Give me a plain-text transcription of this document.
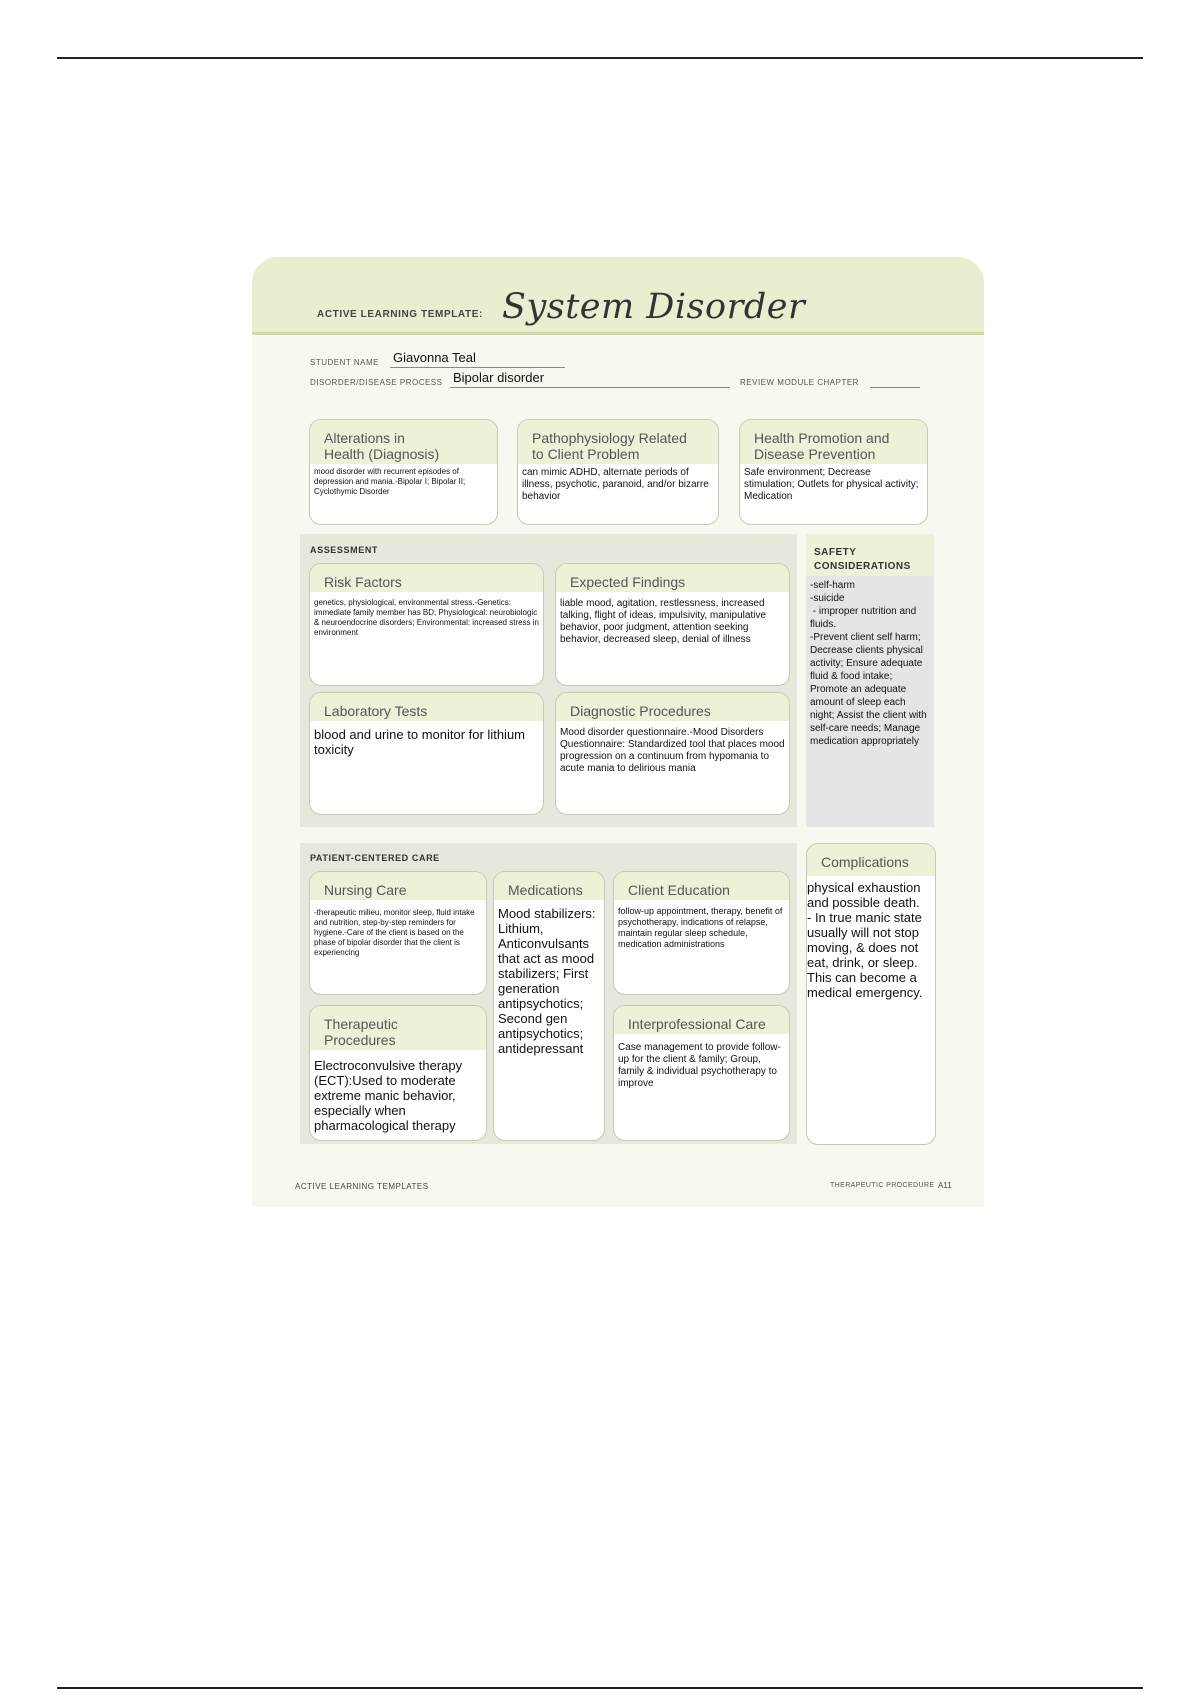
ACTIVE LEARNING TEMPLATE: System Disorder
STUDENT NAME Giavonna Teal
DISORDER/DISEASE PROCESS Bipolar disorder	REVIEW MODULE CHAPTER
Alterations in
Health (Diagnosis)
mood disorder with recurrent episodes of depression and mania.-Bipolar I; Bipolar II; Cyclothymic Disorder
Pathophysiology Related
to Client Problem
can mimic ADHD, alternate periods of illness, psychotic, paranoid, and/or bizarre behavior
Health Promotion and
Disease Prevention
Safe environment; Decrease stimulation; Outlets for physical activity; Medication
ASSESSMENT
Risk Factors
genetics, physiological, environmental stress.-Genetics: immediate family member has BD; Physiological: neurobiologic & neuroendocrine disorders; Environmental: increased stress in environment
Expected Findings
liable mood, agitation, restlessness, increased talking, flight of ideas, impulsivity, manipulative behavior, poor judgment, attention seeking behavior, decreased sleep, denial of illness
Laboratory Tests
blood and urine to monitor for lithium toxicity
Diagnostic Procedures
Mood disorder questionnaire.-Mood Disorders Questionnaire: Standardized tool that places mood progression on a continuum from hypomania to acute mania to delirious mania
SAFETY
CONSIDERATIONS
-self-harm
-suicide
- improper nutrition and fluids.
-Prevent client self harm; Decrease clients physical activity; Ensure adequate fluid & food intake; Promote an adequate amount of sleep each night; Assist the client with self-care needs; Manage medication appropriately
PATIENT-CENTERED CARE
Nursing Care
-therapeutic milieu, monitor sleep, fluid intake and nutrition, step-by-step reminders for hygiene.-Care of the client is based on the phase of bipolar disorder that the client is experiencing
Medications
Mood stabilizers: Lithium, Anticonvulsants that act as mood stabilizers; First generation antipsychotics; Second gen antipsychotics; antidepressant
Client Education
follow-up appointment, therapy, benefit of psychotherapy, indications of relapse, maintain regular sleep schedule, medication administrations
Therapeutic Procedures
Electroconvulsive therapy (ECT):Used to moderate extreme manic behavior, especially when pharmacological therapy
Interprofessional Care
Case management to provide follow-up for the client & family; Group, family & individual psychotherapy to improve
Complications
physical exhaustion and possible death.
- In true manic state usually will not stop moving, & does not eat, drink, or sleep. This can become a medical emergency.
ACTIVE LEARNING TEMPLATES	THERAPEUTIC PROCEDURE A11
